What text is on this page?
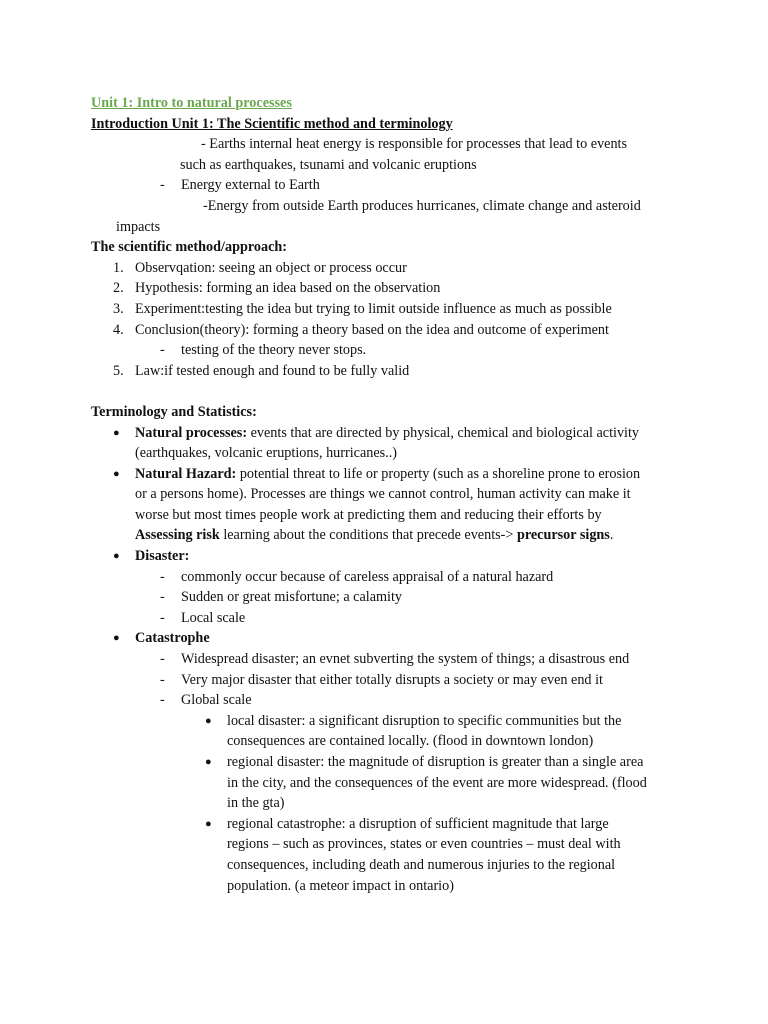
Unit 1: Intro to natural processes
Introduction Unit 1: The Scientific method and terminology
- Earths internal heat energy is responsible for processes that lead to events
such as earthquakes, tsunami and volcanic eruptions
-	Energy external to Earth
-Energy from outside Earth produces hurricanes, climate change and asteroid
impacts
The scientific method/approach:
1. Observqation: seeing an object or process occur
2. Hypothesis: forming an idea based on the observation
3. Experiment:testing the idea but trying to limit outside influence as much as possible
4. Conclusion(theory): forming a theory based on the idea and outcome of experiment
-	testing of the theory never stops.
5. Law:if tested enough and found to be fully valid
Terminology and Statistics:
●	Natural processes: events that are directed by physical, chemical and biological activity
(earthquakes, volcanic eruptions, hurricanes..)
●	Natural Hazard: potential threat to life or property (such as a shoreline prone to erosion
or a persons home). Processes are things we cannot control, human activity can make it
worse but most times people work at predicting them and reducing their efforts by
Assessing risk learning about the conditions that precede events-> precursor signs.
●	Disaster:
-	commonly occur because of careless appraisal of a natural hazard
-	Sudden or great misfortune; a calamity
-	Local scale
●	Catastrophe
-	Widespread disaster; an evnet subverting the system of things; a disastrous end
-	Very major disaster that either totally disrupts a society or may even end it
-	Global scale
●	local disaster: a significant disruption to specific communities but the
consequences are contained locally. (flood in downtown london)
●	regional disaster: the magnitude of disruption is greater than a single area
in the city, and the consequences of the event are more widespread. (flood
in the gta)
●	regional catastrophe: a disruption of sufficient magnitude that large
regions – such as provinces, states or even countries – must deal with
consequences, including death and numerous injuries to the regional
population. (a meteor impact in ontario)
